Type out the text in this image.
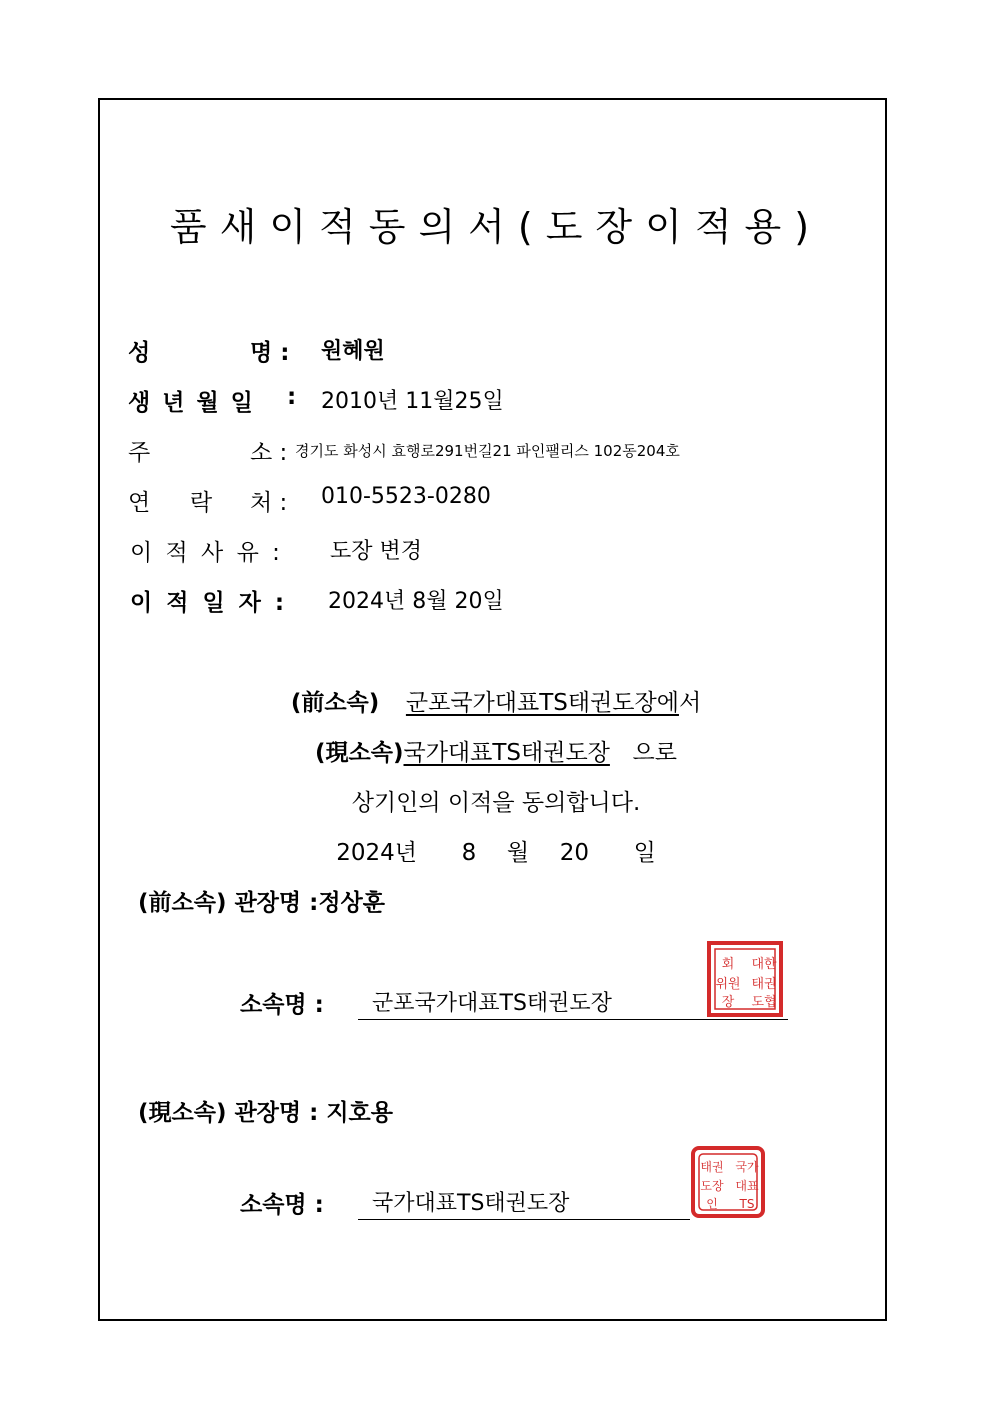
품새이적동의서(도장이적용)
성	명 : 원혜원
생 년 월 일 : 2010년 11월25일
주	소 : 경기도 화성시 효행로291번길21 파인팰리스 102동204호
연 락 처 : 010-5523-0280
이 적 사 유 : 도장 변경
이 적 일 자 : 2024년 8월 20일
(前소속) 군포국가대표TS태권도장에서
(現소속)국가대표TS태권도장 으로
상기인의 이적을 동의합니다.
2024년 8 월 20 일
(前소속) 관장명 :정상훈
소속명 : 군포국가대표TS태권도장
대한
태권
도협
회
위원
장
(現소속) 관장명 : 지호용
소속명 : 국가대표TS태권도장
국가
대표
TS
태권
도장
인
